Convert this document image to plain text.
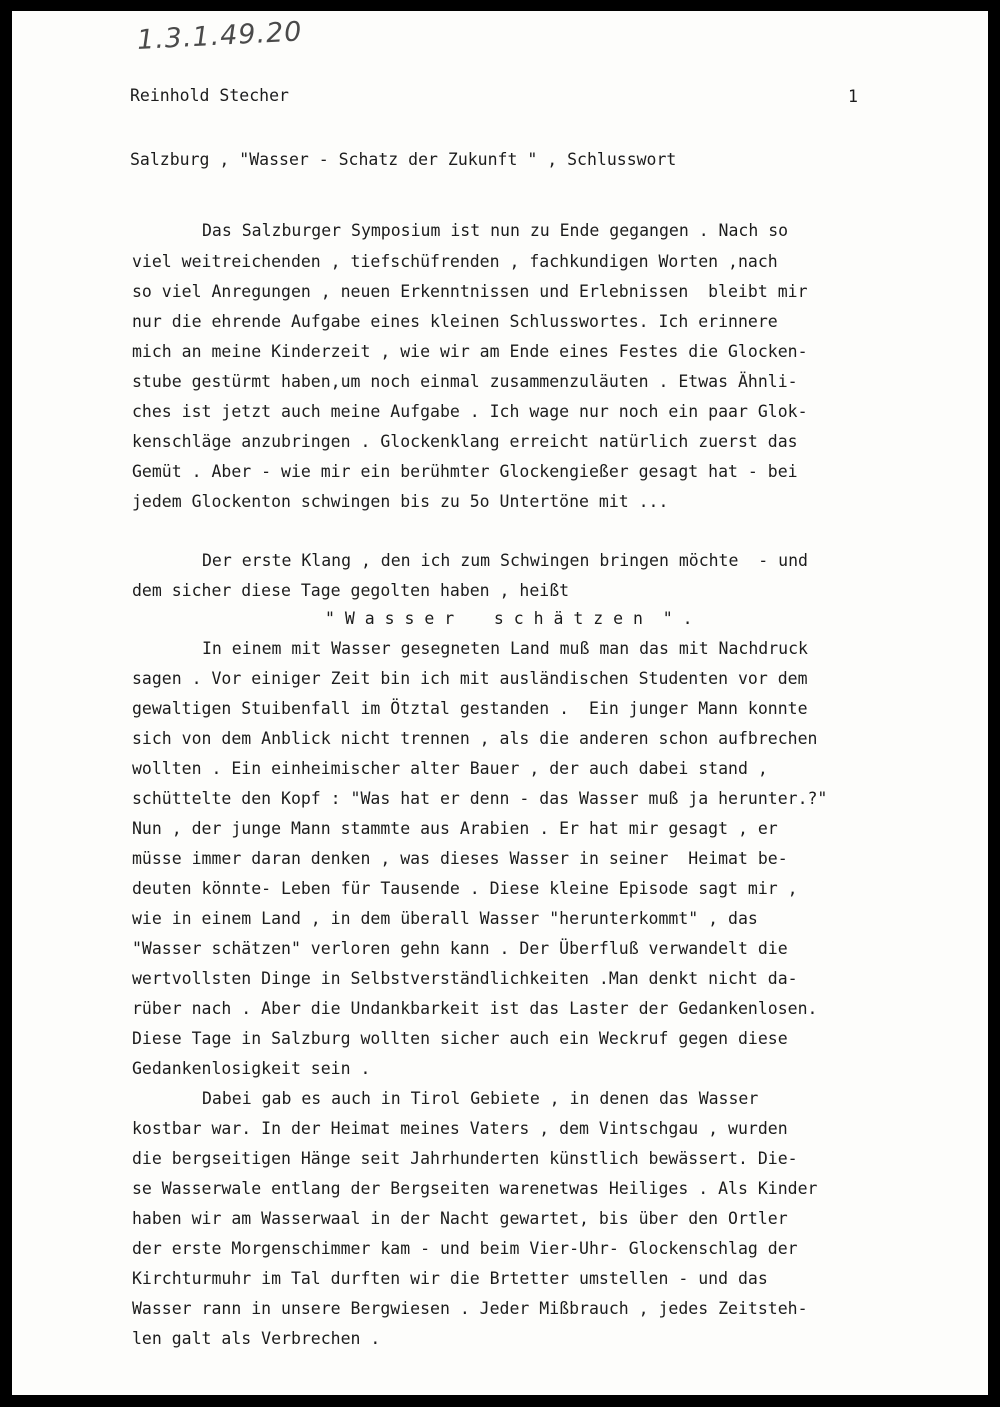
1.3.1.49.20
Reinhold Stecher	1
Salzburg , "Wasser - Schatz der Zukunft " , Schlusswort
Das Salzburger Symposium ist nun zu Ende gegangen . Nach so
viel weitreichenden , tiefschüfrenden , fachkundigen Worten ,nach
so viel Anregungen , neuen Erkenntnissen und Erlebnissen  bleibt mir
nur die ehrende Aufgabe eines kleinen Schlusswortes. Ich erinnere
mich an meine Kinderzeit , wie wir am Ende eines Festes die Glocken-
stube gestürmt haben,um noch einmal zusammenzuläuten . Etwas Ähnli-
ches ist jetzt auch meine Aufgabe . Ich wage nur noch ein paar Glok-
kenschläge anzubringen . Glockenklang erreicht natürlich zuerst das
Gemüt . Aber - wie mir ein berühmter Glockengießer gesagt hat - bei
jedem Glockenton schwingen bis zu 5o Untertöne mit ...
Der erste Klang , den ich zum Schwingen bringen möchte  - und
dem sicher diese Tage gegolten haben , heißt
" W a s s e r    s c h ä t z e n  " .
In einem mit Wasser gesegneten Land muß man das mit Nachdruck
sagen . Vor einiger Zeit bin ich mit ausländischen Studenten vor dem
gewaltigen Stuibenfall im Ötztal gestanden .  Ein junger Mann konnte
sich von dem Anblick nicht trennen , als die anderen schon aufbrechen
wollten . Ein einheimischer alter Bauer , der auch dabei stand ,
schüttelte den Kopf : "Was hat er denn - das Wasser muß ja herunter.?"
Nun , der junge Mann stammte aus Arabien . Er hat mir gesagt , er
müsse immer daran denken , was dieses Wasser in seiner  Heimat be-
deuten könnte- Leben für Tausende . Diese kleine Episode sagt mir ,
wie in einem Land , in dem überall Wasser "herunterkommt" , das
"Wasser schätzen" verloren gehn kann . Der Überfluß verwandelt die
wertvollsten Dinge in Selbstverständlichkeiten .Man denkt nicht da-
rüber nach . Aber die Undankbarkeit ist das Laster der Gedankenlosen.
Diese Tage in Salzburg wollten sicher auch ein Weckruf gegen diese
Gedankenlosigkeit sein .
Dabei gab es auch in Tirol Gebiete , in denen das Wasser
kostbar war. In der Heimat meines Vaters , dem Vintschgau , wurden
die bergseitigen Hänge seit Jahrhunderten künstlich bewässert. Die-
se Wasserwale entlang der Bergseiten warenetwas Heiliges . Als Kinder
haben wir am Wasserwaal in der Nacht gewartet, bis über den Ortler
der erste Morgenschimmer kam - und beim Vier-Uhr- Glockenschlag der
Kirchturmuhr im Tal durften wir die Brtetter umstellen - und das
Wasser rann in unsere Bergwiesen . Jeder Mißbrauch , jedes Zeitsteh-
len galt als Verbrechen .
